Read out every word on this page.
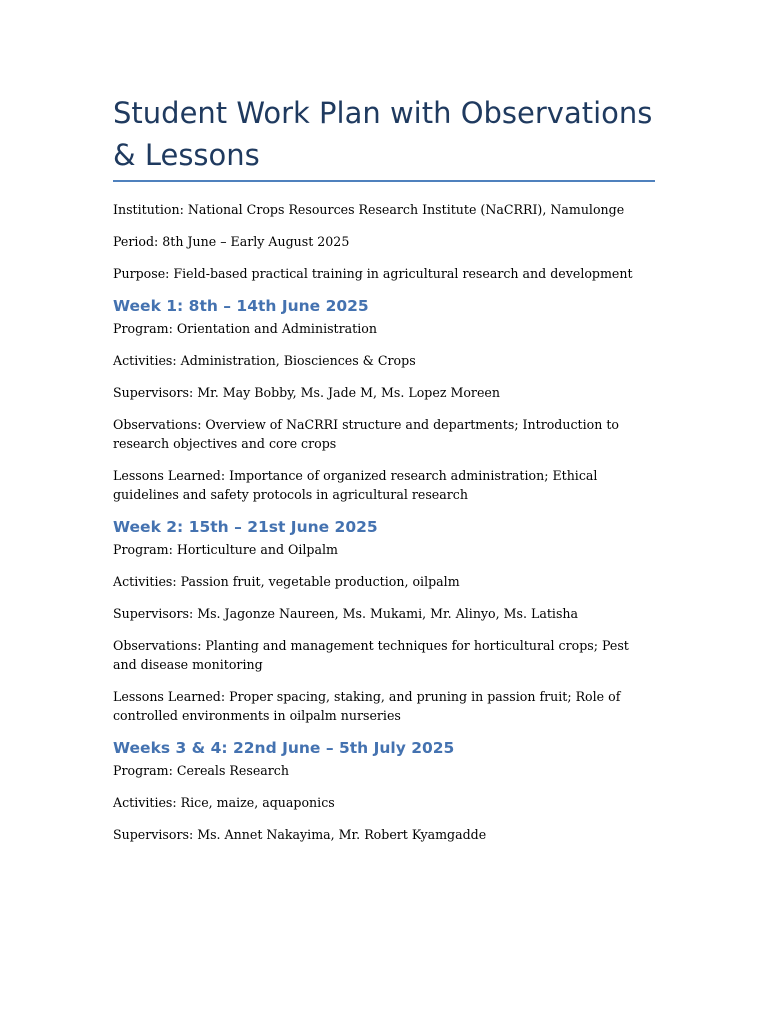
Student Work Plan with Observations & Lessons

Institution: National Crops Resources Research Institute (NaCRRI), Namulonge

Period: 8th June – Early August 2025

Purpose: Field-based practical training in agricultural research and development

Week 1: 8th – 14th June 2025

Program: Orientation and Administration

Activities: Administration, Biosciences & Crops

Supervisors: Mr. May Bobby, Ms. Jade M, Ms. Lopez Moreen

Observations: Overview of NaCRRI structure and departments; Introduction to research objectives and core crops

Lessons Learned: Importance of organized research administration; Ethical guidelines and safety protocols in agricultural research

Week 2: 15th – 21st June 2025

Program: Horticulture and Oilpalm

Activities: Passion fruit, vegetable production, oilpalm

Supervisors: Ms. Jagonze Naureen, Ms. Mukami, Mr. Alinyo, Ms. Latisha

Observations: Planting and management techniques for horticultural crops; Pest and disease monitoring

Lessons Learned: Proper spacing, staking, and pruning in passion fruit; Role of controlled environments in oilpalm nurseries

Weeks 3 & 4: 22nd June – 5th July 2025

Program: Cereals Research

Activities: Rice, maize, aquaponics

Supervisors: Ms. Annet Nakayima, Mr. Robert Kyamgadde
